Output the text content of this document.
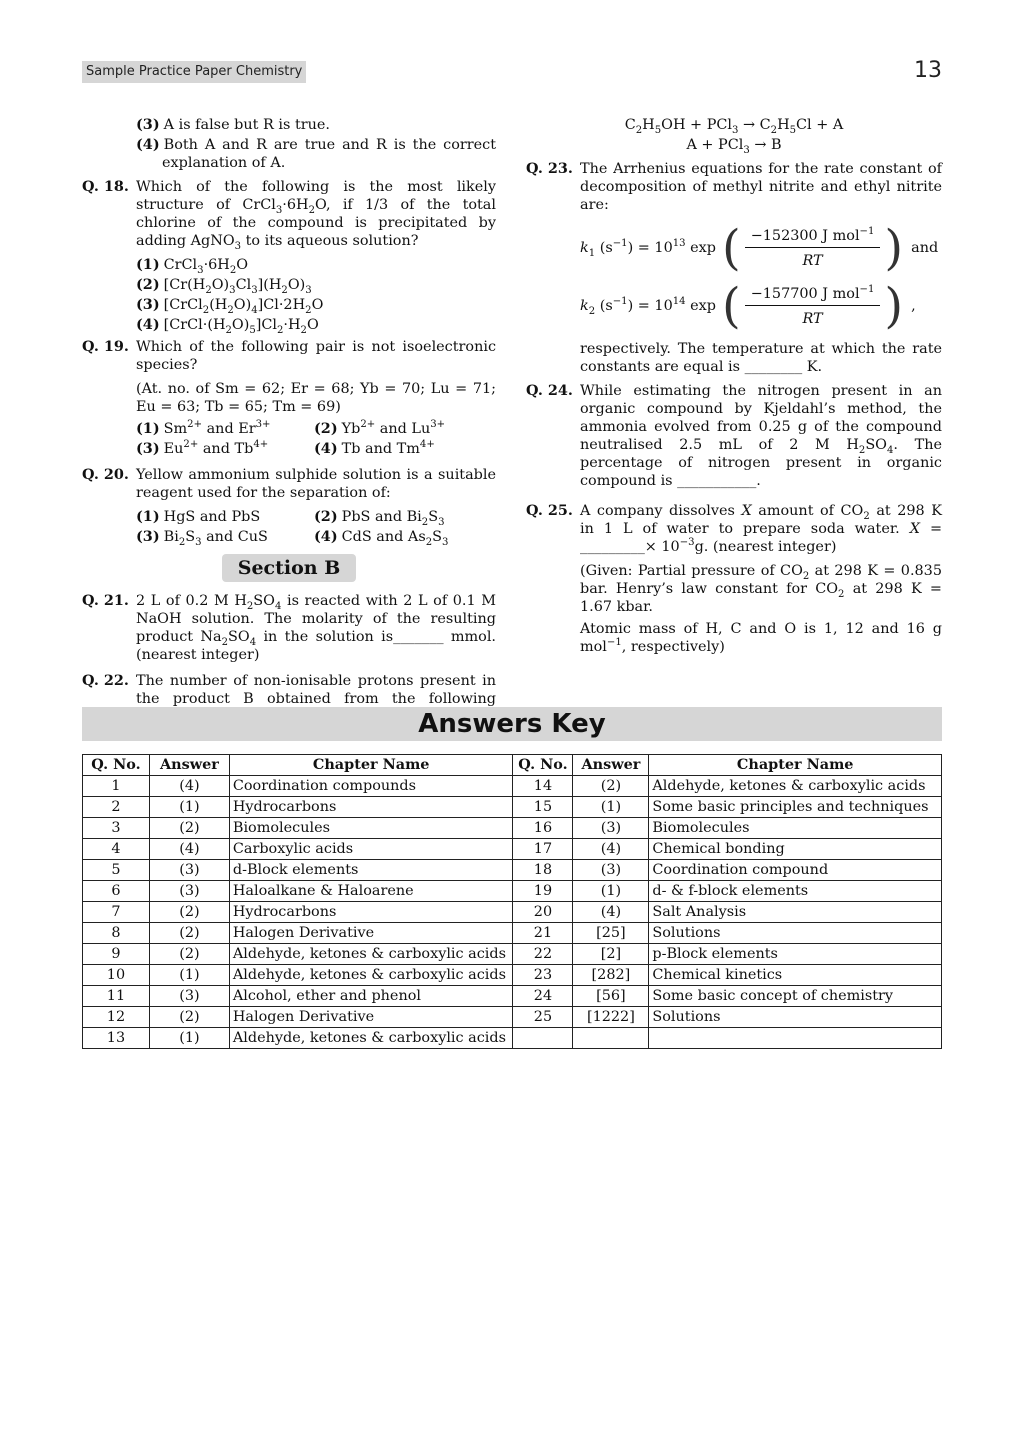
Sample Practice Paper Chemistry	13
(3) A is false but R is true.
(4) Both A and R are true and R is the correct explanation of A.
Q. 18. Which of the following is the most likely structure of $CrCl_3\cdot 6H_2O$, if 1/3 of the total chlorine of the compound is precipitated by adding AgNO$_3$ to its aqueous solution?
(1) $CrCl_3\cdot 6H_2O$
(2) $[Cr(H_2O)_3Cl_3](H_2O)_3$
(3) $[CrCl_2(H_2O)_4]Cl\cdot 2H_2O$
(4) $[CrCl\cdot(H_2O)_5]Cl_2\cdot H_2O$
Q. 19. Which of the following pair is not isoelectronic species?
(At. no. of Sm = 62; Er = 68; Yb = 70; Lu = 71; Eu = 63; Tb = 65; Tm = 69)
(1) $Sm^{2+}$ and $Er^{3+}$	(2) $Yb^{2+}$ and $Lu^{3+}$
(3) $Eu^{2+}$ and $Tb^{4+}$	(4) Tb and $Tm^{4+}$
Q. 20. Yellow ammonium sulphide solution is a suitable reagent used for the separation of:
(1) HgS and PbS	(2) PbS and $Bi_2S_3$
(3) $Bi_2S_3$ and CuS	(4) CdS and $As_2S_3$
Section B
Q. 21. 2 L of 0.2 M $H_2SO_4$ is reacted with 2 L of 0.1 M NaOH solution. The molarity of the resulting product $Na_2SO_4$ in the solution is_______ mmol. (nearest integer)
Q. 22. The number of non-ionisable protons present in the product B obtained from the following
$C_2H_5OH + PCl_3 \to C_2H_5Cl + A$
A + PCl$_3$ → B
Q. 23. The Arrhenius equations for the rate constant of decomposition of methyl nitrite and ethyl nitrite are:
$k_1$ $(s^{-1}) = 10^{13}$ exp ( $\frac{-152300 J mol^{-1}}{RT}$ ) and
$k_2$ $(s^{-1}) = 10^{14}$ exp ( $\frac{-157700 J mol^{-1}}{RT}$ ) ,
respectively. The temperature at which the rate constants are equal is ________ K.
Q. 24. While estimating the nitrogen present in an organic compound by Kjeldahl’s method, the ammonia evolved from 0.25 g of the compound neutralised 2.5 mL of 2 M $H_2SO_4$. The percentage of nitrogen present in organic compound is ___________.
Q. 25. A company dissolves X amount of $CO_2$ at 298 K in 1 L of water to prepare soda water. X = _________× $10^{-3}g$. (nearest integer)
(Given: Partial pressure of $CO_2$ at 298 K = 0.835 bar. Henry’s law constant for $CO_2$ at 298 K = 1.67 kbar.
Atomic mass of H, C and O is 1, 12 and 16 g mol$^{-1}$, respectively)
Answers Key
Q. No.	Answer	Chapter Name	Q. No.	Answer	Chapter Name
1	(4)	Coordination compounds	14	(2)	Aldehyde, ketones & carboxylic acids
2	(1)	Hydrocarbons	15	(1)	Some basic principles and techniques
3	(2)	Biomolecules	16	(3)	Biomolecules
4	(4)	Carboxylic acids	17	(4)	Chemical bonding
5	(3)	d-Block elements	18	(3)	Coordination compound
6	(3)	Haloalkane & Haloarene	19	(1)	d- & f-block elements
7	(2)	Hydrocarbons	20	(4)	Salt Analysis
8	(2)	Halogen Derivative	21	[25]	Solutions
9	(2)	Aldehyde, ketones & carboxylic acids	22	[2]	p-Block elements
10	(1)	Aldehyde, ketones & carboxylic acids	23	[282]	Chemical kinetics
11	(3)	Alcohol, ether and phenol	24	[56]	Some basic concept of chemistry
12	(2)	Halogen Derivative	25	[1222]	Solutions
13	(1)	Aldehyde, ketones & carboxylic acids			
